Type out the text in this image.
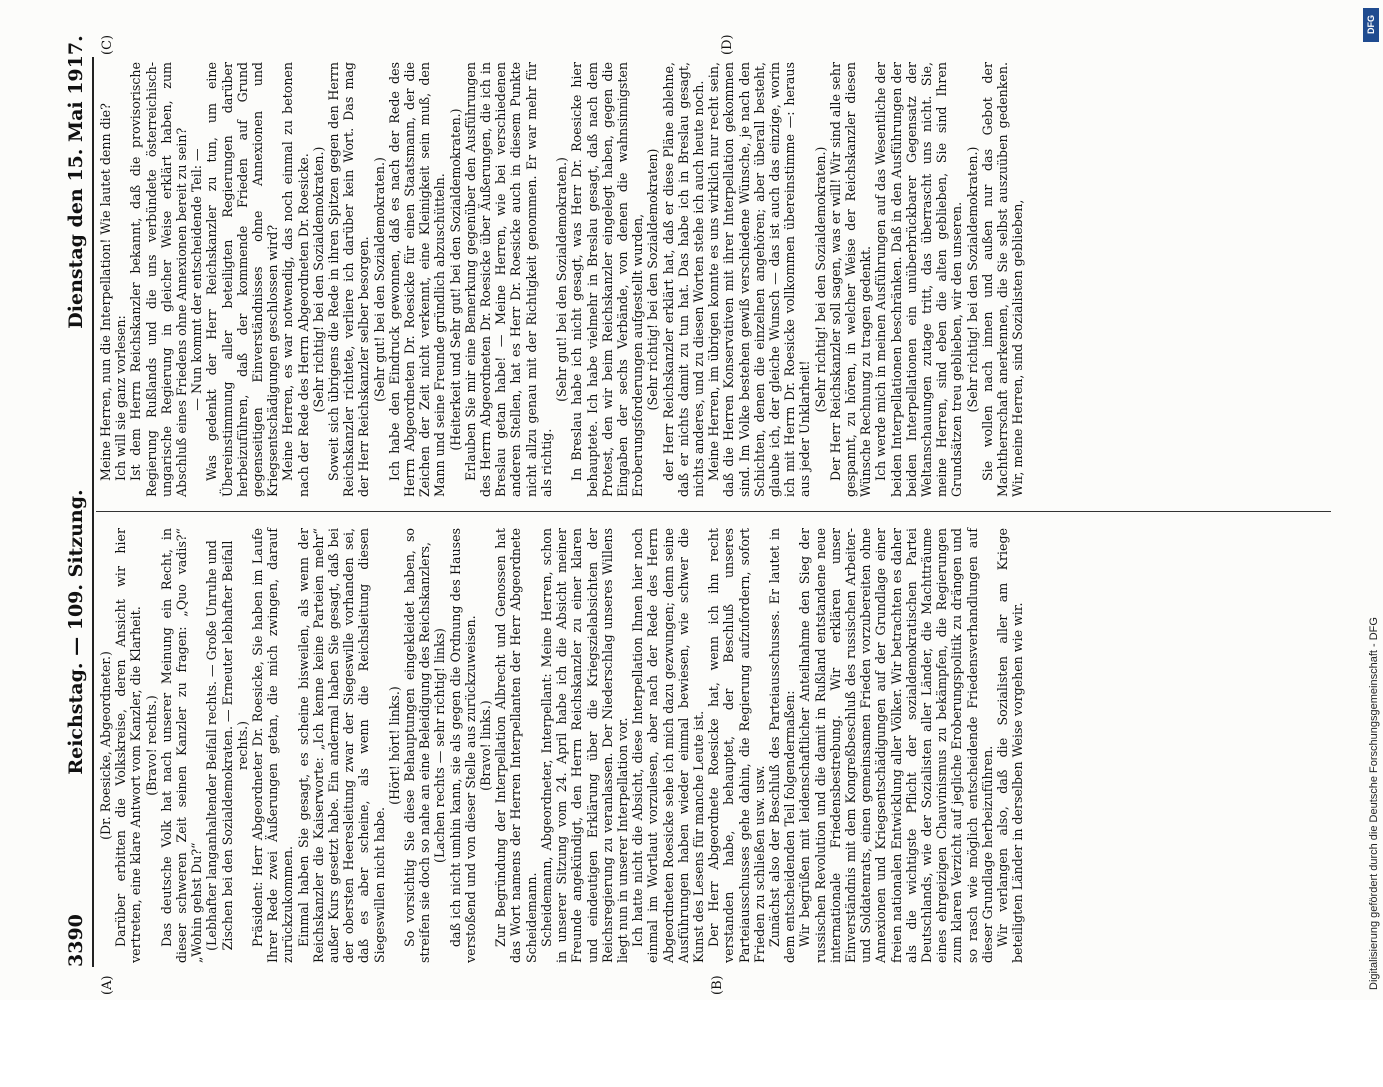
3390
Reichstag. — 109. Sitzung.
Dienstag den 15. Mai 1917.
(A)	(B)
(C)	(D)

(Dr. Roesicke, Abgeordneter.) Darüber erbitten die Volkskreise, deren Ansicht wir hier vertreten, eine klare Antwort vom Kanzler, die Klarheit. (Bravo! rechts.) Das deutsche Volk hat nach unserer Meinung ein Recht, in dieser schweren Zeit seinen Kanzler zu fragen: „Quo vadis?“ „Wohin gehst Du?“ (Lebhafter langanhaltender Beifall rechts. — Große Unruhe und Zischen bei den Sozialdemokraten. — Erneuter lebhafter Beifall rechts.) Präsident: Herr Abgeordneter Dr. Roesicke, Sie haben im Laufe Ihrer Rede zwei Äußerungen getan, die mich zwingen, darauf zurückzukommen. Einmal haben Sie gesagt, es scheine bisweilen, als wenn der Reichskanzler die Kaiserworte: „Ich kenne keine Parteien mehr“ außer Kurs gesetzt habe. Ein andermal haben Sie gesagt, daß bei der obersten Heeresleitung zwar der Siegeswille vorhanden sei, daß es aber scheine, als wenn die Reichsleitung diesen Siegeswillen nicht habe.

(Hört! hört! links.) So vorsichtig Sie diese Behauptungen eingekleidet haben, so streifen sie doch so nahe an eine Beleidigung des Reichskanzlers, (Lachen rechts — sehr richtig! links) daß ich nicht umhin kann, sie als gegen die Ordnung des Hauses verstoßend und von dieser Stelle aus zurückzuweisen. (Bravo! links.) Zur Begründung der Interpellation Albrecht und Genossen hat das Wort namens der Herren Interpellanten der Herr Abgeordnete Scheidemann. Scheidemann, Abgeordneter, Interpellant: Meine Herren, schon in unserer Sitzung vom 24. April habe ich die Absicht meiner Freunde angekündigt, den Herrn Reichskanzler zu einer klaren und eindeutigen Erklärung über die Kriegszielabsichten der Reichsregierung zu veranlassen. Der Niederschlag unseres Willens liegt nun in unserer Interpellation vor. Ich hatte nicht die Absicht, diese Interpellation Ihnen hier noch einmal im Wortlaut vorzulesen, aber nach der Rede des Herrn Abgeordneten Roesicke sehe ich mich dazu gezwungen; denn seine Ausführungen haben wieder einmal bewiesen, wie schwer die Kunst des Lesens für manche Leute ist. Der Herr Abgeordnete Roesicke hat, wenn ich ihn recht verstanden habe, behauptet, der Beschluß unseres Parteiausschusses gehe dahin, die Regierung aufzufordern, sofort Frieden zu schließen usw. usw. Zunächst also der Beschluß des Parteiausschusses. Er lautet in dem entscheidenden Teil folgendermaßen: Wir begrüßen mit leidenschaftlicher Anteilnahme den Sieg der russischen Revolution und die damit in Rußland entstandene neue internationale Friedensbestrebung. Wir erklären unser Einverständnis mit dem Kongreßbeschluß des russischen Arbeiter- und Soldatenrats, einen gemeinsamen Frieden vorzubereiten ohne Annexionen und Kriegsentschädigungen auf der Grundlage einer freien nationalen Entwicklung aller Völker. Wir betrachten es daher als die wichtigste Pflicht der sozialdemokratischen Partei Deutschlands, wie der Sozialisten aller Länder, die Machtträume eines ehrgeizigen Chauvinismus zu bekämpfen, die Regierungen zum klaren Verzicht auf jegliche Eroberungspolitik zu drängen und so rasch wie möglich entscheidende Friedensverhandlungen auf dieser Grundlage herbeizuführen. Wir verlangen also, daß die Sozialisten aller am Kriege beteiligten Länder in derselben Weise vorgehen wie wir.

Meine Herren, nun die Interpellation! Wie lautet denn die? Ich will sie ganz vorlesen: Ist dem Herrn Reichskanzler bekannt, daß die provisorische Regierung Rußlands und die uns verbündete österreichisch-ungarische Regierung in gleicher Weise erklärt haben, zum Abschluß eines Friedens ohne Annexionen bereit zu sein? — Nun kommt der entscheidende Teil: — Was gedenkt der Herr Reichskanzler zu tun, um eine Übereinstimmung aller beteiligten Regierungen darüber herbeizuführen, daß der kommende Frieden auf Grund gegenseitigen Einverständnisses ohne Annexionen und Kriegsentschädigungen geschlossen wird? Meine Herren, es war notwendig, das noch einmal zu betonen nach der Rede des Herrn Abgeordneten Dr. Roesicke. (Sehr richtig! bei den Sozialdemokraten.) Soweit sich übrigens die Rede in ihren Spitzen gegen den Herrn Reichskanzler richtete, verliere ich darüber kein Wort. Das mag der Herr Reichskanzler selber besorgen. (Sehr gut! bei den Sozialdemokraten.) Ich habe den Eindruck gewonnen, daß es nach der Rede des Herrn Abgeordneten Dr. Roesicke für einen Staatsmann, der die Zeichen der Zeit nicht verkennt, eine Kleinigkeit sein muß, den Mann und seine Freunde gründlich abzuschütteln. (Heiterkeit und Sehr gut! bei den Sozialdemokraten.) Erlauben Sie mir eine Bemerkung gegenüber den Ausführungen des Herrn Abgeordneten Dr. Roesicke über Äußerungen, die ich in Breslau getan habe! — Meine Herren, wie bei verschiedenen anderen Stellen, hat es Herr Dr. Roesicke auch in diesem Punkte nicht allzu genau mit der Richtigkeit genommen. Er war mehr für als richtig.

(Sehr gut! bei den Sozialdemokraten.) In Breslau habe ich nicht gesagt, was Herr Dr. Roesicke hier behauptete. Ich habe vielmehr in Breslau gesagt, daß nach dem Protest, den wir beim Reichskanzler eingelegt haben, gegen die Eingaben der sechs Verbände, von denen die wahnsinnigsten Eroberungsforderungen aufgestellt wurden, (Sehr richtig! bei den Sozialdemokraten) der Herr Reichskanzler erklärt hat, daß er diese Pläne ablehne, daß er nichts damit zu tun hat. Das habe ich in Breslau gesagt, nichts anderes, und zu diesen Worten stehe ich auch heute noch. Meine Herren, im übrigen konnte es uns wirklich nur recht sein, daß die Herren Konservativen mit ihrer Interpellation gekommen sind. Im Volke bestehen gewiß verschiedene Wünsche, je nach den Schichten, denen die einzelnen angehören; aber überall besteht, glaube ich, der gleiche Wunsch — das ist auch das einzige, worin ich mit Herrn Dr. Roesicke vollkommen übereinstimme —: heraus aus jeder Unklarheit!

(Sehr richtig! bei den Sozialdemokraten.) Der Herr Reichskanzler soll sagen, was er will! Wir sind alle sehr gespannt, zu hören, in welcher Weise der Reichskanzler diesen Wünsche Rechnung zu tragen gedenkt. Ich werde mich in meinen Ausführungen auf das Wesentliche der beiden Interpellationen beschränken. Daß in den Ausführungen der beiden Interpellationen ein unüberbrückbarer Gegensatz der Weltanschauungen zutage tritt, das überrascht uns nicht. Sie, meine Herren, sind eben die alten geblieben, Sie sind Ihren Grundsätzen treu geblieben, wir den unseren. (Sehr richtig! bei den Sozialdemokraten.) Sie wollen nach innen und außen nur das Gebot der Machtherrschaft anerkennen, die Sie selbst auszuüben gedenken. Wir, meine Herren, sind Sozialisten geblieben,

DFG
Digitalisierung gefördert durch die Deutsche Forschungsgemeinschaft - DFG
